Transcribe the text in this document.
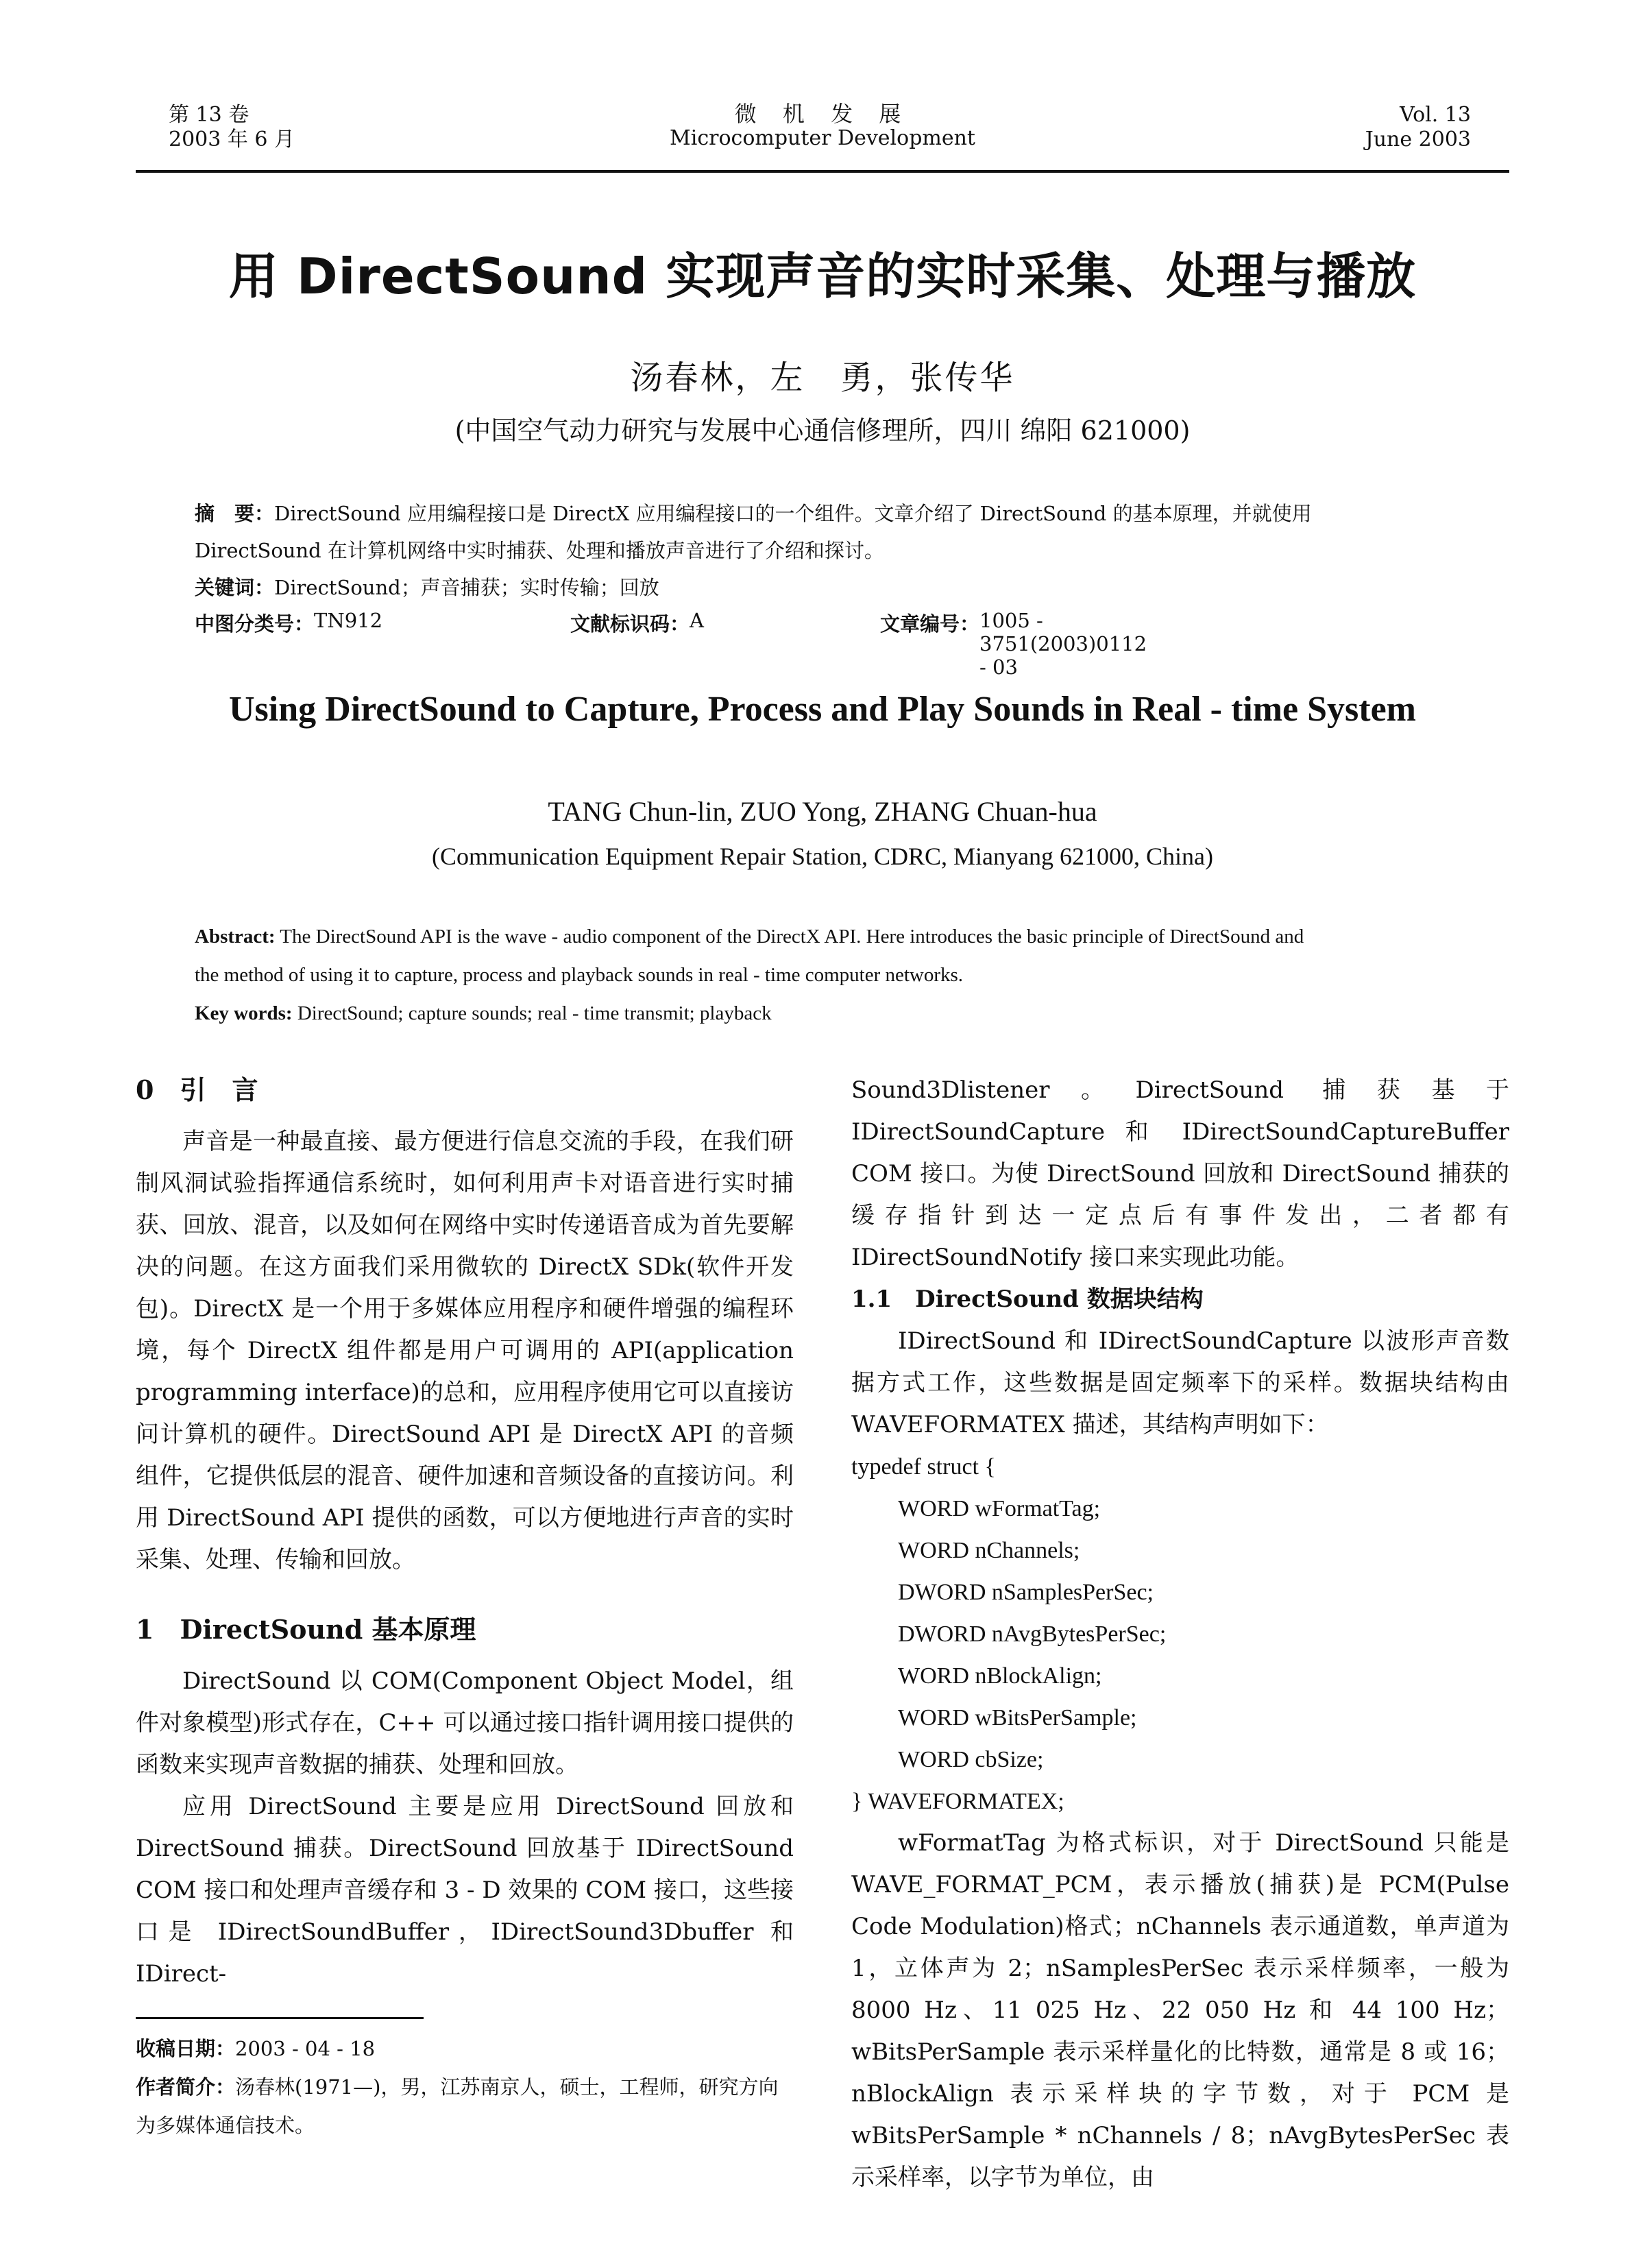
第 13 卷
2003 年 6 月
微 机 发 展
Microcomputer Development
Vol. 13
June 2003
用 DirectSound 实现声音的实时采集、处理与播放
汤春林，左　勇，张传华
(中国空气动力研究与发展中心通信修理所，四川 绵阳 621000)

摘　要：DirectSound 应用编程接口是 DirectX 应用编程接口的一个组件。文章介绍了 DirectSound 的基本原理，并就使用

DirectSound 在计算机网络中实时捕获、处理和播放声音进行了介绍和探讨。

关键词：DirectSound；声音捕获；实时传输；回放

中图分类号： TN912	文献标识码： A	文章编号： 1005 - 3751(2003)0112 - 03
Using DirectSound to Capture, Process and Play Sounds in Real - time System
TANG Chun-lin, ZUO Yong, ZHANG Chuan-hua
(Communication Equipment Repair Station, CDRC, Mianyang 621000, China)

Abstract: The DirectSound API is the wave - audio component of the DirectX API. Here introduces the basic principle of DirectSound and

the method of using it to capture, process and playback sounds in real - time computer networks.

Key words: DirectSound; capture sounds; real - time transmit; playback

0　引　言

声音是一种最直接、最方便进行信息交流的手段，在我们研制风洞试验指挥通信系统时，如何利用声卡对语音进行实时捕获、回放、混音，以及如何在网络中实时传递语音成为首先要解决的问题。在这方面我们采用微软的 DirectX SDk(软件开发包)。DirectX 是一个用于多媒体应用程序和硬件增强的编程环境，每个 DirectX 组件都是用户可调用的 API(application programming interface)的总和，应用程序使用它可以直接访问计算机的硬件。DirectSound API 是 DirectX API 的音频组件，它提供低层的混音、硬件加速和音频设备的直接访问。利用 DirectSound API 提供的函数，可以方便地进行声音的实时采集、处理、传输和回放。

1　DirectSound 基本原理

DirectSound 以 COM(Component Object Model，组件对象模型)形式存在，C++ 可以通过接口指针调用接口提供的函数来实现声音数据的捕获、处理和回放。

应用 DirectSound 主要是应用 DirectSound 回放和 DirectSound 捕获。DirectSound 回放基于 IDirectSound COM 接口和处理声音缓存和 3 - D 效果的 COM 接口，这些接口是 IDirectSoundBuffer，IDirectSound3Dbuffer 和 IDirect-

Sound3Dlistener。DirectSound 捕获基于 IDirectSoundCapture 和 IDirectSoundCaptureBuffer COM 接口。为使 DirectSound 回放和 DirectSound 捕获的缓存指针到达一定点后有事件发出，二者都有 IDirectSoundNotify 接口来实现此功能。

1.1　DirectSound 数据块结构

IDirectSound 和 IDirectSoundCapture 以波形声音数据方式工作，这些数据是固定频率下的采样。数据块结构由 WAVEFORMATEX 描述，其结构声明如下：

typedef struct {

WORD wFormatTag;

WORD nChannels;

DWORD nSamplesPerSec;

DWORD nAvgBytesPerSec;

WORD nBlockAlign;

WORD wBitsPerSample;

WORD cbSize;

} WAVEFORMATEX;

wFormatTag 为格式标识，对于 DirectSound 只能是 WAVE_FORMAT_PCM，表示播放(捕获)是 PCM(Pulse Code Modulation)格式；nChannels 表示通道数，单声道为 1，立体声为 2；nSamplesPerSec 表示采样频率，一般为8000 Hz、11 025 Hz、22 050 Hz 和 44 100 Hz；wBitsPerSample 表示采样量化的比特数，通常是 8 或 16；nBlockAlign 表示采样块的字节数，对于 PCM 是 wBitsPerSample * nChannels / 8；nAvgBytesPerSec 表示采样率，以字节为单位，由

收稿日期：2003 - 04 - 18

作者简介：汤春林(1971—)，男，江苏南京人，硕士，工程师，研究方向为多媒体通信技术。
